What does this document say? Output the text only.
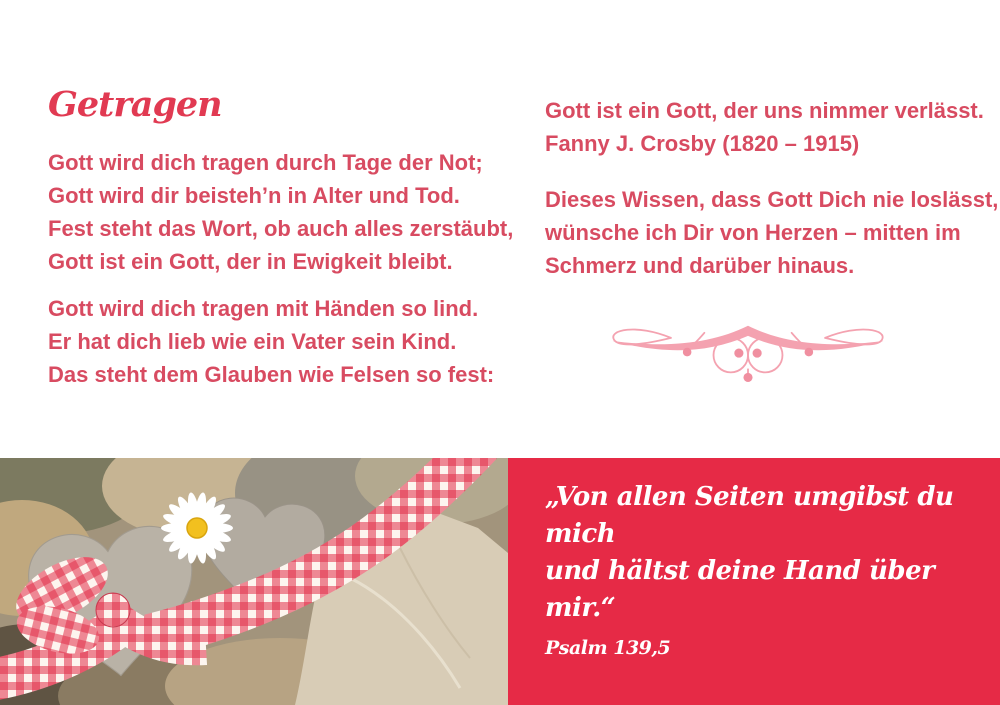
Getragen
Gott wird dich tragen durch Tage der Not;
Gott wird dir beisteh’n in Alter und Tod.
Fest steht das Wort, ob auch alles zerstäubt,
Gott ist ein Gott, der in Ewigkeit bleibt.
Gott wird dich tragen mit Händen so lind.
Er hat dich lieb wie ein Vater sein Kind.
Das steht dem Glauben wie Felsen so fest:
Gott ist ein Gott, der uns nimmer verlässt.
Fanny J. Crosby (1820 – 1915)
Dieses Wissen, dass Gott Dich nie loslässt,
wünsche ich Dir von Herzen – mitten im
Schmerz und darüber hinaus.
„Von allen Seiten umgibst du mich
und hältst deine Hand über mir.“
Psalm 139,5
